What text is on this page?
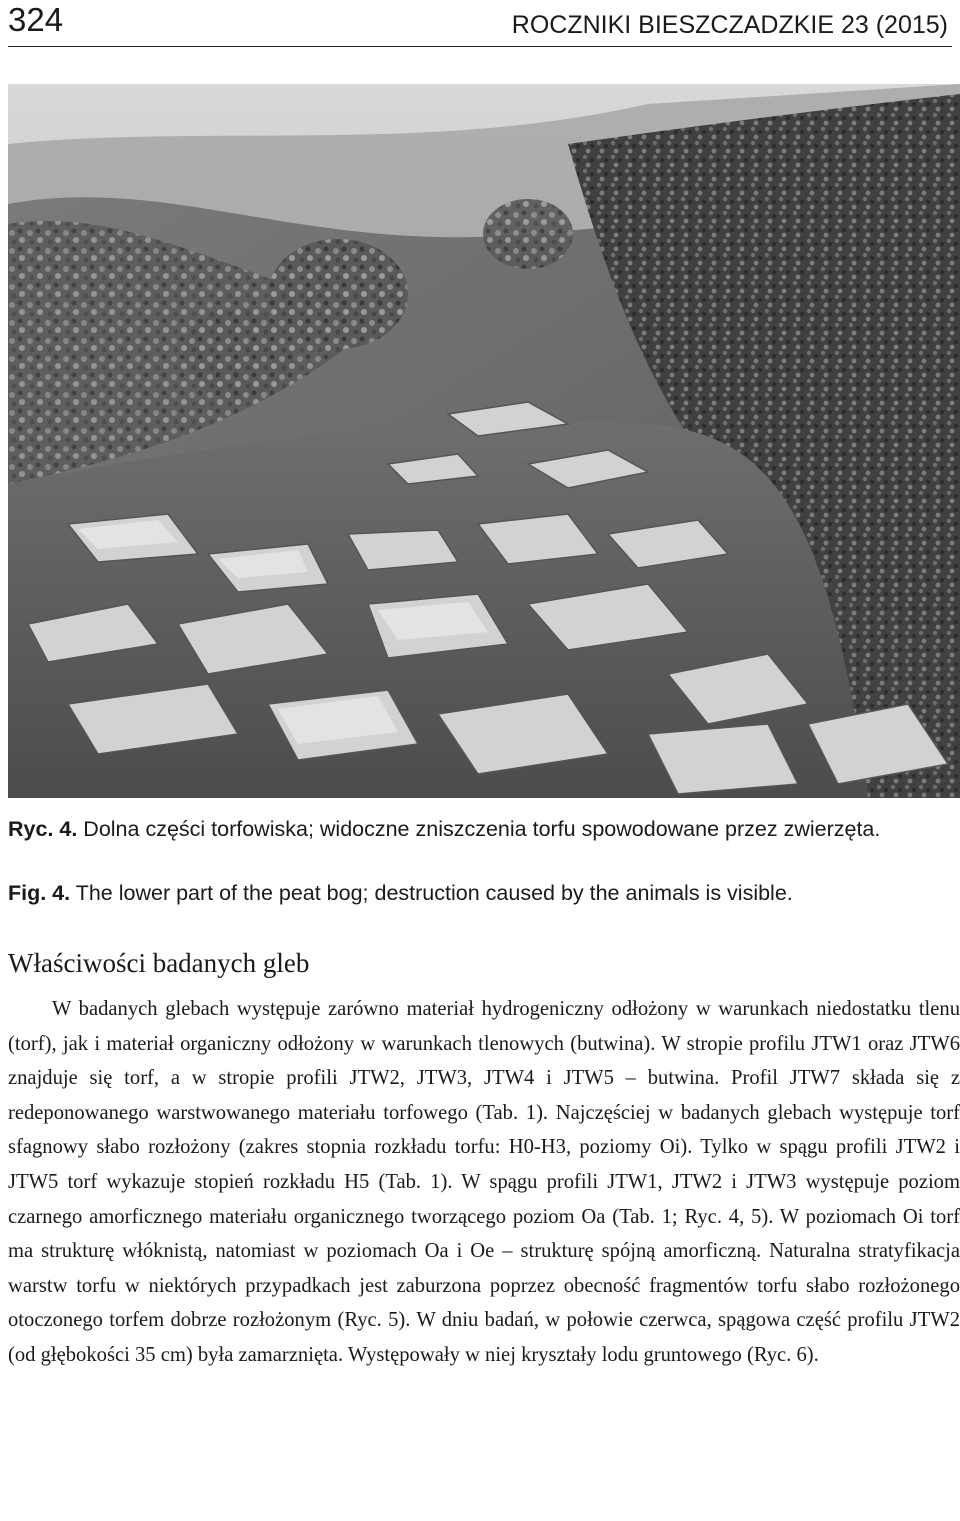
324	ROCZNIKI BIESZCZADZKIE 23 (2015)
Ryc. 4. Dolna części torfowiska; widoczne zniszczenia torfu spowodowane przez zwierzęta.
Fig. 4. The lower part of the peat bog; destruction caused by the animals is visible.
Właściwości badanych gleb

W badanych glebach występuje zarówno materiał hydrogeniczny odłożony w warunkach niedostatku tlenu (torf), jak i materiał organiczny odłożony w warunkach tlenowych (butwina). W stropie profilu JTW1 oraz JTW6 znajduje się torf, a w stropie profili JTW2, JTW3, JTW4 i JTW5 – butwina. Profil JTW7 składa się z redeponowanego warstwowanego materiału torfowego (Tab. 1). Najczęściej w badanych glebach występuje torf sfagnowy słabo rozłożony (zakres stopnia rozkładu torfu: H0-H3, poziomy Oi). Tylko w spągu profili JTW2 i JTW5 torf wykazuje stopień rozkładu H5 (Tab. 1). W spągu profili JTW1, JTW2 i JTW3 występuje poziom czarnego amorficznego materiału organicznego tworzącego poziom Oa (Tab. 1; Ryc. 4, 5). W poziomach Oi torf ma strukturę włóknistą, natomiast w poziomach Oa i Oe – strukturę spójną amorficzną. Naturalna stratyfikacja warstw torfu w niektórych przypadkach jest zaburzona poprzez obecność fragmentów torfu słabo rozłożonego otoczonego torfem dobrze rozłożonym (Ryc. 5). W dniu badań, w połowie czerwca, spągowa część profilu JTW2 (od głębokości 35 cm) była zamarznięta. Występowały w niej kryształy lodu gruntowego (Ryc. 6).
